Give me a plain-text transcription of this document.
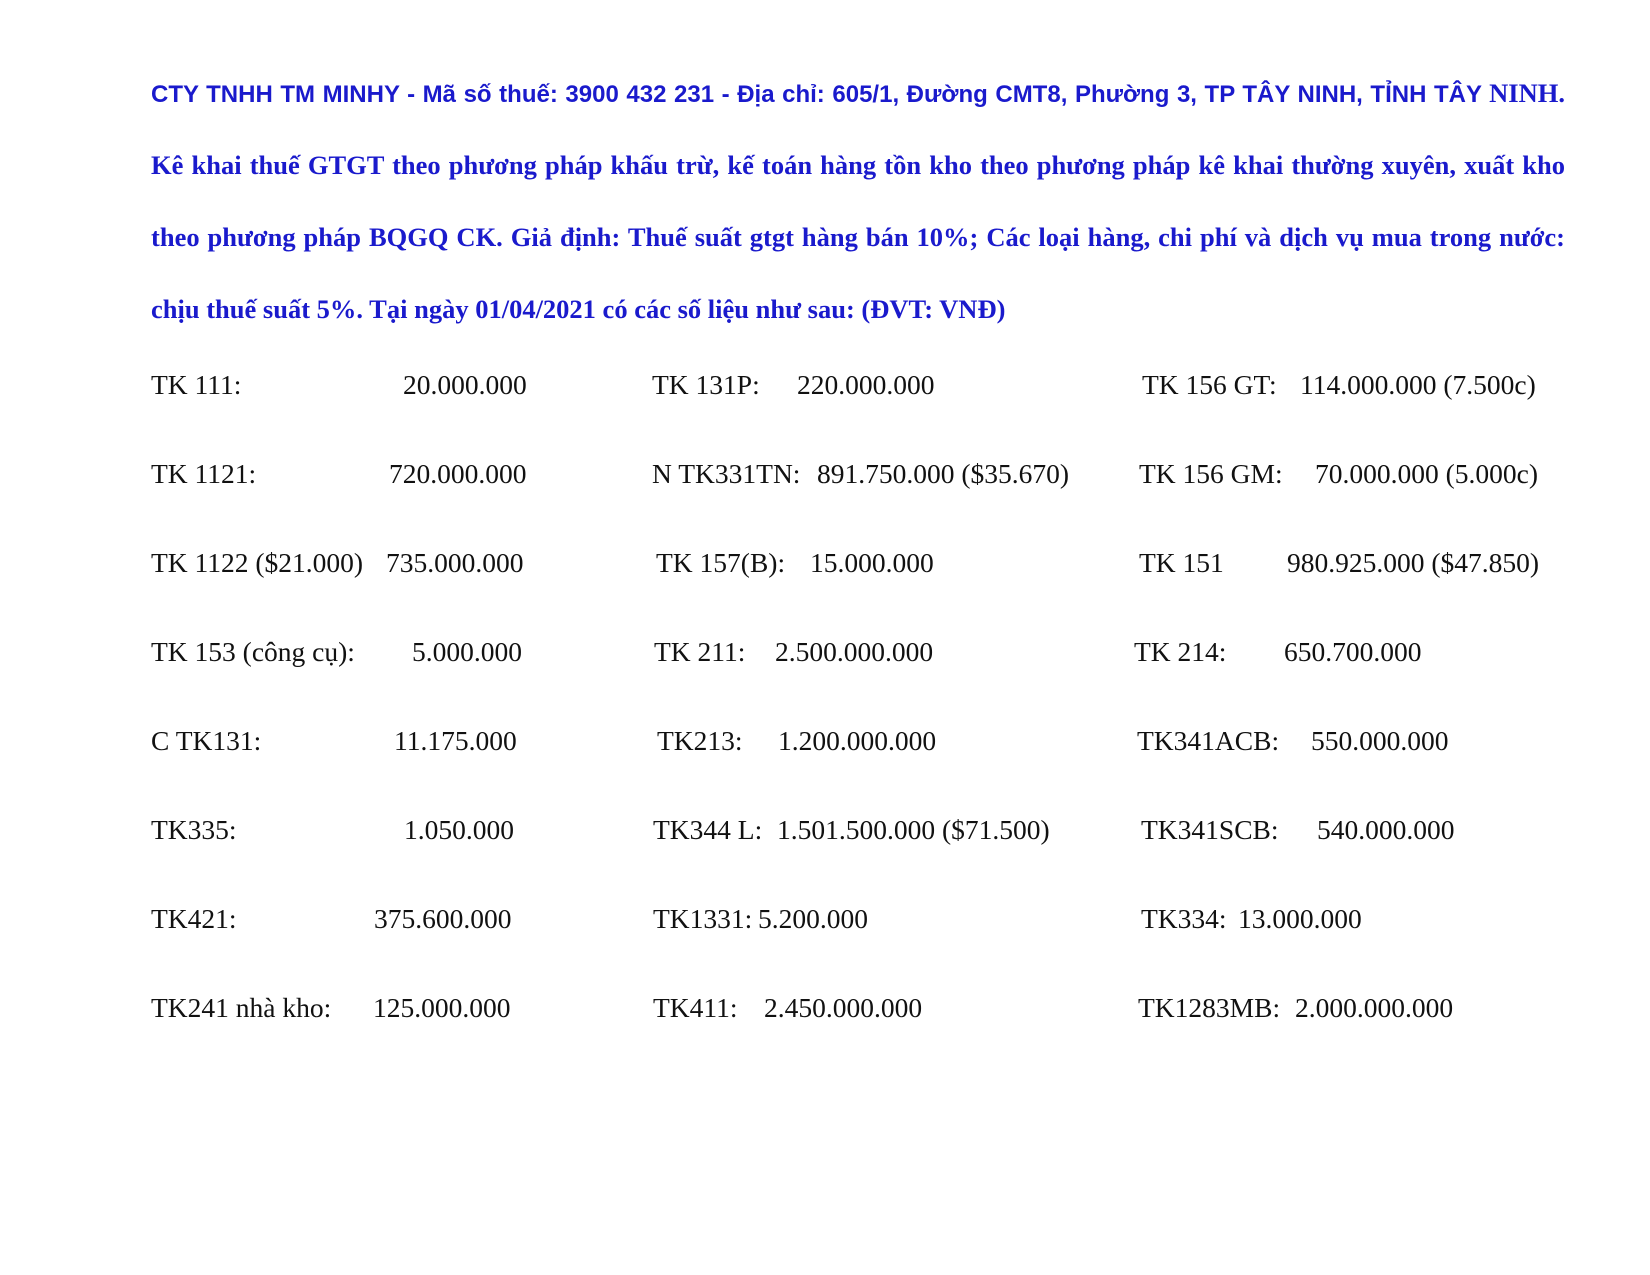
CTY TNHH TM MINHY - Mã số thuế: 3900 432 231 - Địa chỉ: 605/1, Đường CMT8, Phường 3, TP TÂY NINH, TỈNH TÂY NINH. Kê khai thuế GTGT theo phương pháp khấu trừ, kế toán hàng tồn kho theo phương pháp kê khai thường xuyên, xuất kho theo phương pháp BQGQ CK. Giả định: Thuế suất gtgt hàng bán 10%; Các loại hàng, chi phí và dịch vụ mua trong nước: chịu thuế suất 5%. Tại ngày 01/04/2021 có các số liệu như sau: (ĐVT: VNĐ)

TK 111:	20.000.000	TK 131P: 220.000.000	TK 156 GT: 114.000.000 (7.500c)
TK 1121:	720.000.000	N TK331TN: 891.750.000 ($35.670)	TK 156 GM: 70.000.000 (5.000c)
TK 1122 ($21.000) 735.000.000	TK 157(B): 15.000.000	TK 151 980.925.000 ($47.850)
TK 153 (công cụ): 5.000.000	TK 211: 2.500.000.000	TK 214: 650.700.000
C TK131:	11.175.000	TK213: 1.200.000.000	TK341ACB: 550.000.000
TK335:	1.050.000	TK344 L: 1.501.500.000 ($71.500)	TK341SCB: 540.000.000
TK421:	375.600.000	TK1331: 5.200.000	TK334: 13.000.000
TK241 nhà kho: 125.000.000	TK411: 2.450.000.000	TK1283MB: 2.000.000.000
